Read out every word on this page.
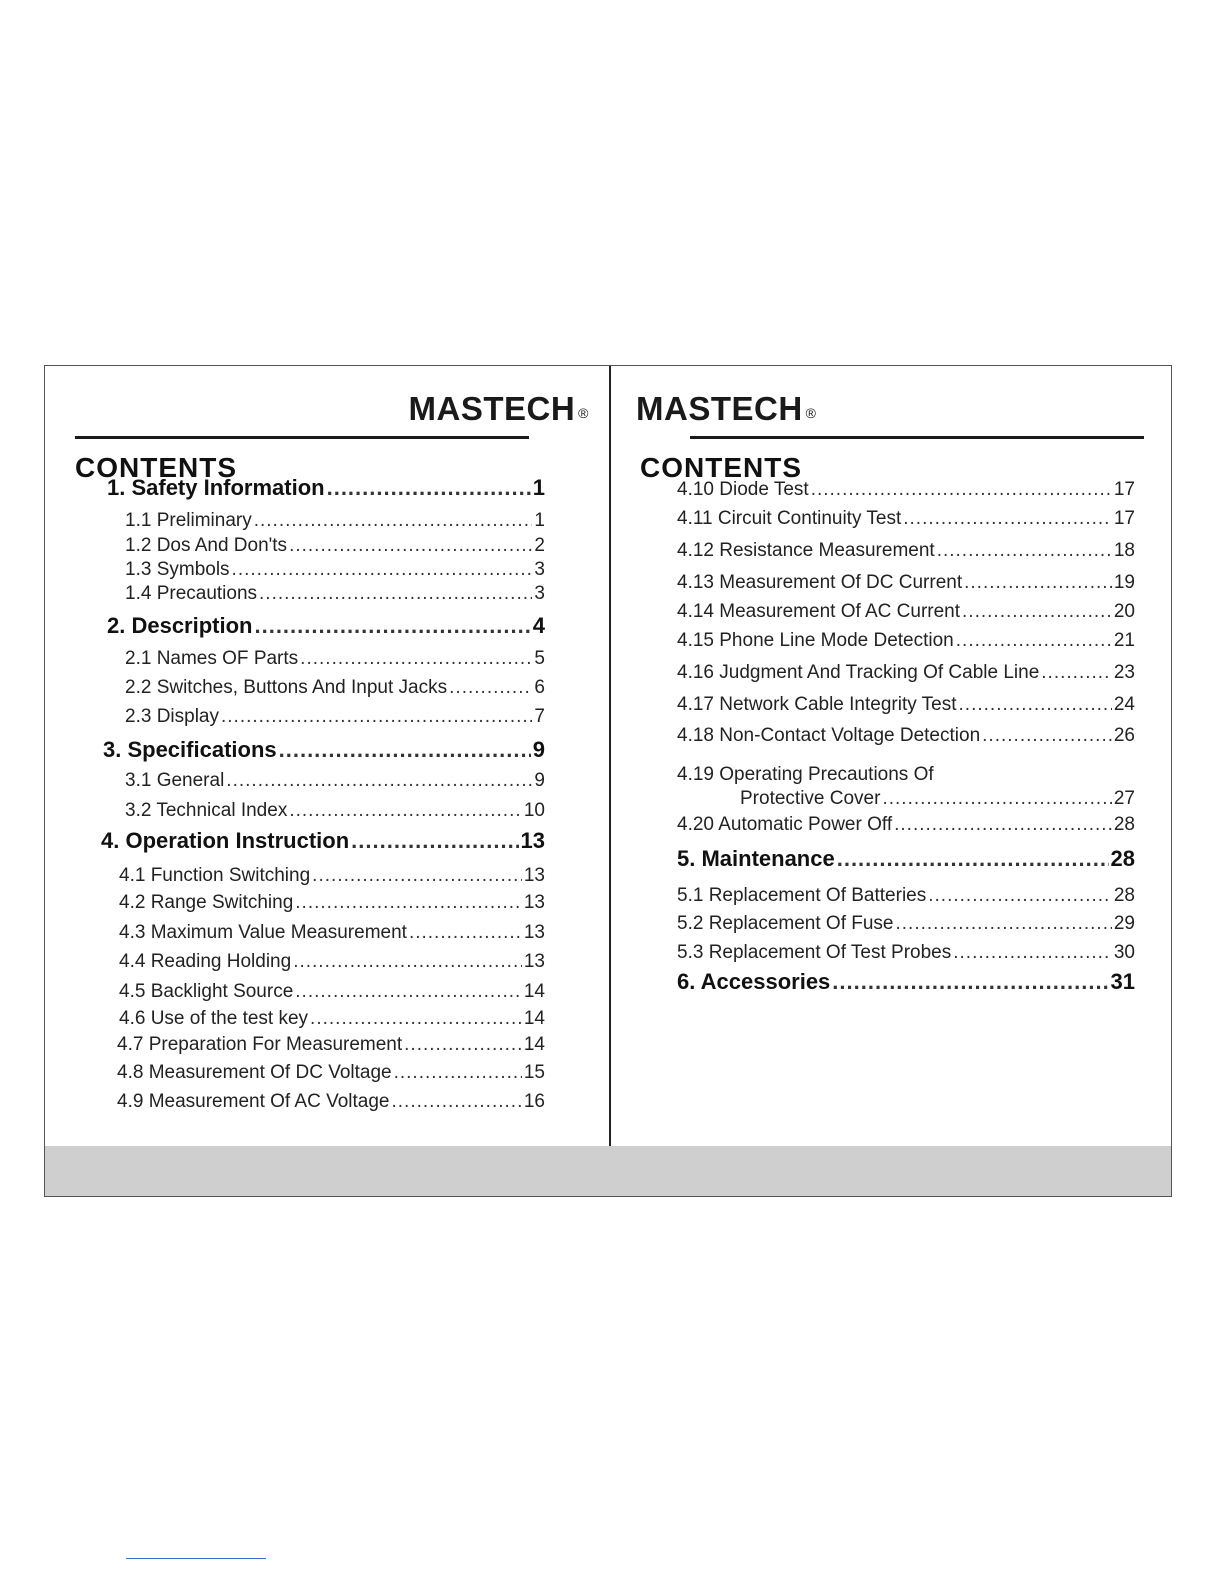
MASTECH ®
CONTENTS
1. Safety Information .....	1
1.1 Preliminary .....	1
1.2 Dos And Don'ts .....	2
1.3 Symbols .....	3
1.4 Precautions .....	3
2. Description .....	4
2.1 Names OF Parts .....	5
2.2 Switches, Buttons And Input Jacks .....	6
2.3 Display .....	7
3. Specifications .....	9
3.1 General .....	9
3.2 Technical Index .....	10
4. Operation Instruction .....	13
4.1 Function Switching .....	13
4.2 Range Switching .....	13
4.3 Maximum Value Measurement .....	13
4.4 Reading Holding .....	13
4.5 Backlight Source .....	14
4.6 Use of the test key .....	14
4.7 Preparation For Measurement .....	14
4.8 Measurement Of DC Voltage .....	15
4.9 Measurement Of AC Voltage .....	16
MASTECH ®
CONTENTS
4.10 Diode Test .....	17
4.11 Circuit Continuity Test .....	17
4.12 Resistance Measurement .....	18
4.13 Measurement Of DC Current .....	19
4.14 Measurement Of AC Current .....	20
4.15 Phone Line Mode Detection .....	21
4.16 Judgment And Tracking Of Cable Line .....	23
4.17 Network Cable Integrity Test .....	24
4.18 Non-Contact Voltage Detection .....	26
4.19 Operating Precautions Of
Protective Cover .....	27
4.20 Automatic Power Off .....	28
5. Maintenance .....	28
5.1 Replacement Of Batteries .....	28
5.2 Replacement Of Fuse .....	29
5.3 Replacement Of Test Probes .....	30
6. Accessories .....	31
